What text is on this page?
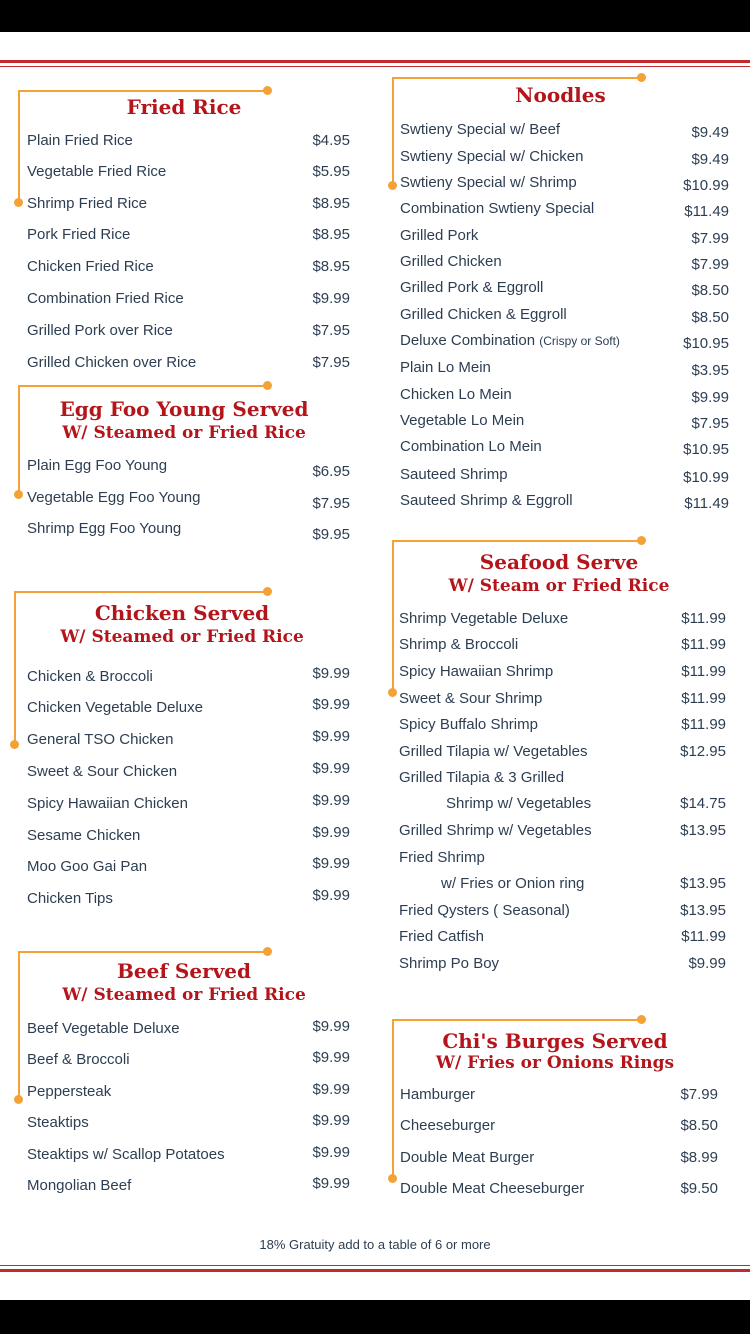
Fried Rice
Plain Fried Rice	$4.95
Vegetable Fried Rice	$5.95
Shrimp Fried Rice	$8.95
Pork Fried Rice	$8.95
Chicken Fried Rice	$8.95
Combination Fried Rice	$9.99
Grilled Pork over Rice	$7.95
Grilled Chicken over Rice	$7.95
Egg Foo Young Served
W/ Steamed or Fried Rice
Plain Egg Foo Young	$6.95
Vegetable Egg Foo Young	$7.95
Shrimp Egg Foo Young	$9.95
Chicken Served
W/ Steamed or Fried Rice
Chicken & Broccoli	$9.99
Chicken Vegetable Deluxe	$9.99
General TSO Chicken	$9.99
Sweet & Sour Chicken	$9.99
Spicy Hawaiian Chicken	$9.99
Sesame Chicken	$9.99
Moo Goo Gai Pan	$9.99
Chicken Tips	$9.99
Beef Served
W/ Steamed or Fried Rice
Beef Vegetable Deluxe	$9.99
Beef & Broccoli	$9.99
Peppersteak	$9.99
Steaktips	$9.99
Steaktips w/ Scallop Potatoes	$9.99
Mongolian Beef	$9.99
Noodles
Swtieny Special w/ Beef	$9.49
Swtieny Special w/ Chicken	$9.49
Swtieny Special w/ Shrimp	$10.99
Combination Swtieny Special	$11.49
Grilled Pork	$7.99
Grilled Chicken	$7.99
Grilled Pork & Eggroll	$8.50
Grilled Chicken & Eggroll	$8.50
Deluxe Combination (Crispy or Soft)	$10.95
Plain Lo Mein	$3.95
Chicken Lo Mein	$9.99
Vegetable Lo Mein	$7.95
Combination Lo Mein	$10.95
Sauteed Shrimp	$10.99
Sauteed Shrimp & Eggroll	$11.49
Seafood Serve
W/ Steam or Fried Rice
Shrimp Vegetable Deluxe	$11.99
Shrimp & Broccoli	$11.99
Spicy Hawaiian Shrimp	$11.99
Sweet & Sour Shrimp	$11.99
Spicy Buffalo Shrimp	$11.99
Grilled Tilapia w/ Vegetables	$12.95
Grilled Tilapia & 3 Grilled
Shrimp w/ Vegetables	$14.75
Grilled Shrimp w/ Vegetables	$13.95
Fried Shrimp
w/ Fries or Onion ring	$13.95
Fried Qysters ( Seasonal)	$13.95
Fried Catfish	$11.99
Shrimp Po Boy	$9.99
Chi's Burges Served
W/ Fries or Onions Rings
Hamburger	$7.99
Cheeseburger	$8.50
Double Meat Burger	$8.99
Double Meat Cheeseburger	$9.50
18% Gratuity add to a table of 6 or more
